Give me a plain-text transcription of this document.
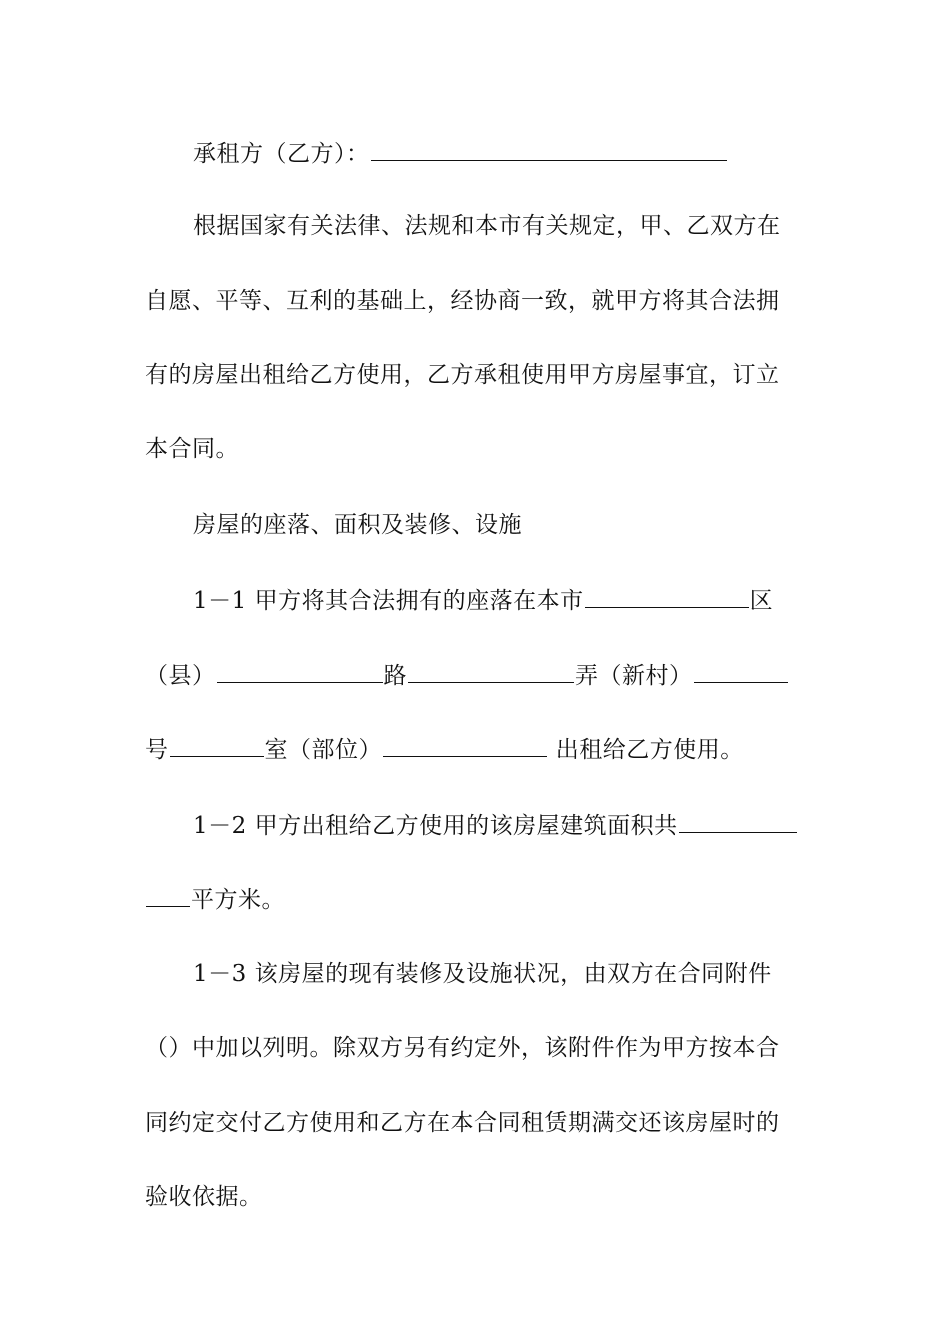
承租方（乙方）：
根据国家有关法律、法规和本市有关规定，甲、乙双方在
自愿、平等、互利的基础上，经协商一致，就甲方将其合法拥
有的房屋出租给乙方使用，乙方承租使用甲方房屋事宜，订立
本合同。
房屋的座落、面积及装修、设施
1－1 甲方将其合法拥有的座落在本市	区
（县）	路	弄（新村）
号	室（部位）	出租给乙方使用。
1－2 甲方出租给乙方使用的该房屋建筑面积共
平方米。
1－3 该房屋的现有装修及设施状况，由双方在合同附件
（）中加以列明。除双方另有约定外，该附件作为甲方按本合
同约定交付乙方使用和乙方在本合同租赁期满交还该房屋时的
验收依据。
